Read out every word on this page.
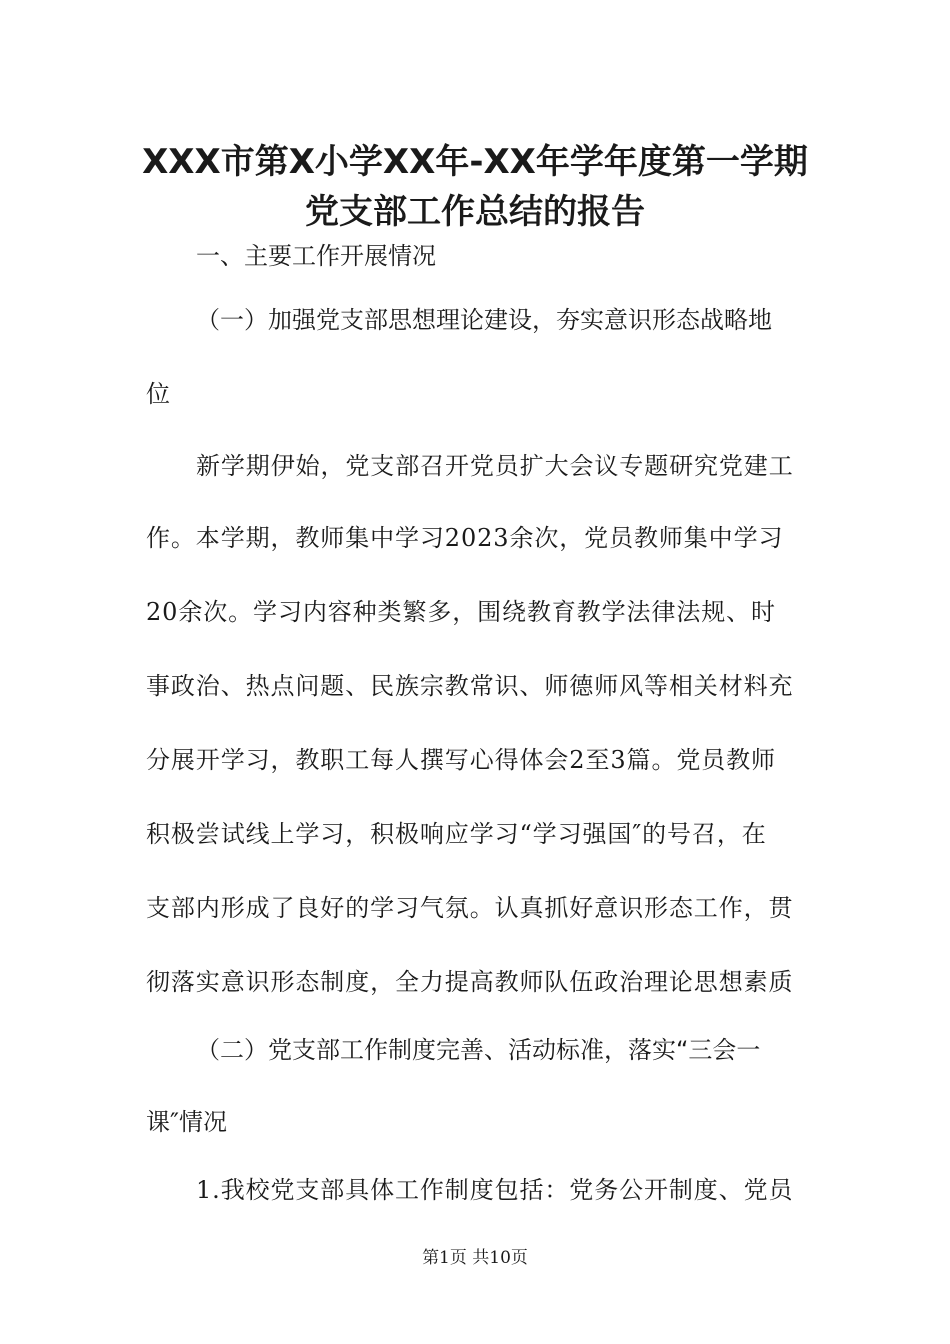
XXX市第X小学XX年-XX年学年度第一学期
党支部工作总结的报告
一、主要工作开展情况
（一）加强党支部思想理论建设，夯实意识形态战略地
位
新学期伊始，党支部召开党员扩大会议专题研究党建工
作。本学期，教师集中学习2023余次，党员教师集中学习
20余次。学习内容种类繁多，围绕教育教学法律法规、时
事政治、热点问题、民族宗教常识、师德师风等相关材料充
分展开学习，教职工每人撰写心得体会2至3篇。党员教师
积极尝试线上学习，积极响应学习“学习强国″的号召，在
支部内形成了良好的学习气氛。认真抓好意识形态工作，贯
彻落实意识形态制度，全力提高教师队伍政治理论思想素质
（二）党支部工作制度完善、活动标准，落实“三会一
课″情况
1.我校党支部具体工作制度包括：党务公开制度、党员
第1页 共10页
